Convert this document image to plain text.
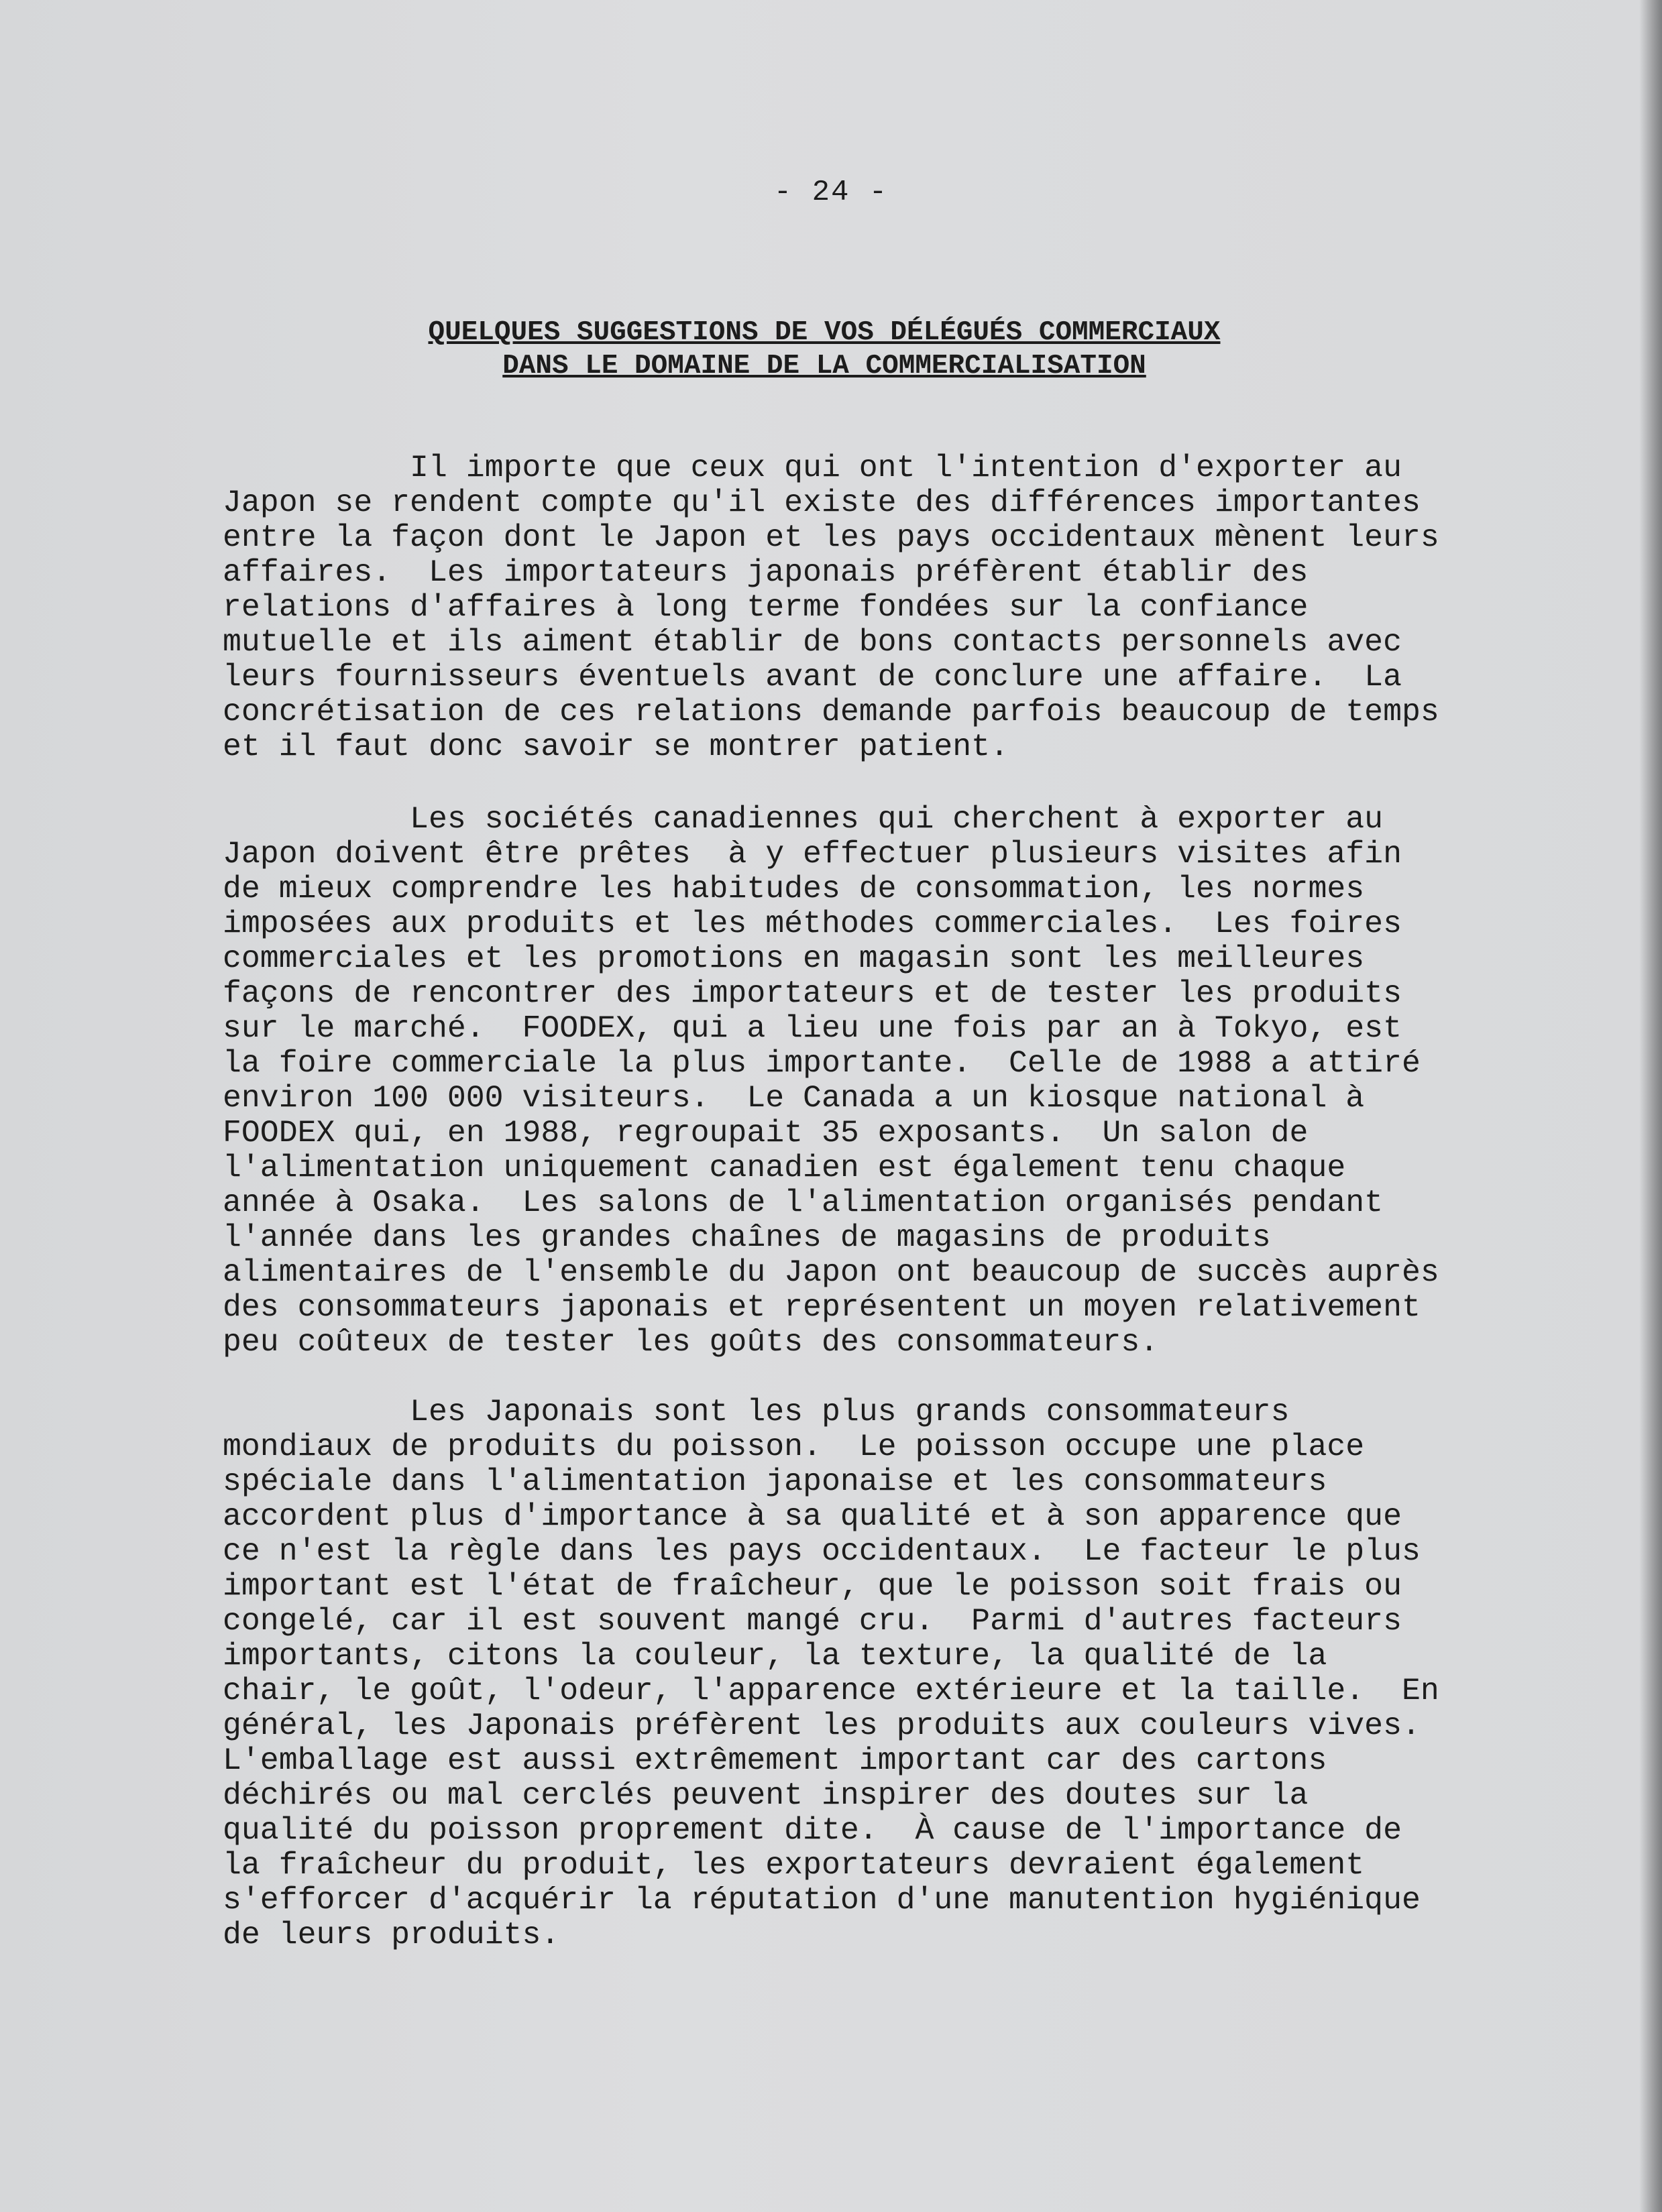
- 24 -
QUELQUES SUGGESTIONS DE VOS DÉLÉGUÉS COMMERCIAUX
DANS LE DOMAINE DE LA COMMERCIALISATION
Il importe que ceux qui ont l'intention d'exporter au
Japon se rendent compte qu'il existe des différences importantes
entre la façon dont le Japon et les pays occidentaux mènent leurs
affaires.  Les importateurs japonais préfèrent établir des
relations d'affaires à long terme fondées sur la confiance
mutuelle et ils aiment établir de bons contacts personnels avec
leurs fournisseurs éventuels avant de conclure une affaire.  La
concrétisation de ces relations demande parfois beaucoup de temps
et il faut donc savoir se montrer patient.
Les sociétés canadiennes qui cherchent à exporter au
Japon doivent être prêtes  à y effectuer plusieurs visites afin
de mieux comprendre les habitudes de consommation, les normes
imposées aux produits et les méthodes commerciales.  Les foires
commerciales et les promotions en magasin sont les meilleures
façons de rencontrer des importateurs et de tester les produits
sur le marché.  FOODEX, qui a lieu une fois par an à Tokyo, est
la foire commerciale la plus importante.  Celle de 1988 a attiré
environ 100 000 visiteurs.  Le Canada a un kiosque national à
FOODEX qui, en 1988, regroupait 35 exposants.  Un salon de
l'alimentation uniquement canadien est également tenu chaque
année à Osaka.  Les salons de l'alimentation organisés pendant
l'année dans les grandes chaînes de magasins de produits
alimentaires de l'ensemble du Japon ont beaucoup de succès auprès
des consommateurs japonais et représentent un moyen relativement
peu coûteux de tester les goûts des consommateurs.
Les Japonais sont les plus grands consommateurs
mondiaux de produits du poisson.  Le poisson occupe une place
spéciale dans l'alimentation japonaise et les consommateurs
accordent plus d'importance à sa qualité et à son apparence que
ce n'est la règle dans les pays occidentaux.  Le facteur le plus
important est l'état de fraîcheur, que le poisson soit frais ou
congelé, car il est souvent mangé cru.  Parmi d'autres facteurs
importants, citons la couleur, la texture, la qualité de la
chair, le goût, l'odeur, l'apparence extérieure et la taille.  En
général, les Japonais préfèrent les produits aux couleurs vives.
L'emballage est aussi extrêmement important car des cartons
déchirés ou mal cerclés peuvent inspirer des doutes sur la
qualité du poisson proprement dite.  À cause de l'importance de
la fraîcheur du produit, les exportateurs devraient également
s'efforcer d'acquérir la réputation d'une manutention hygiénique
de leurs produits.
